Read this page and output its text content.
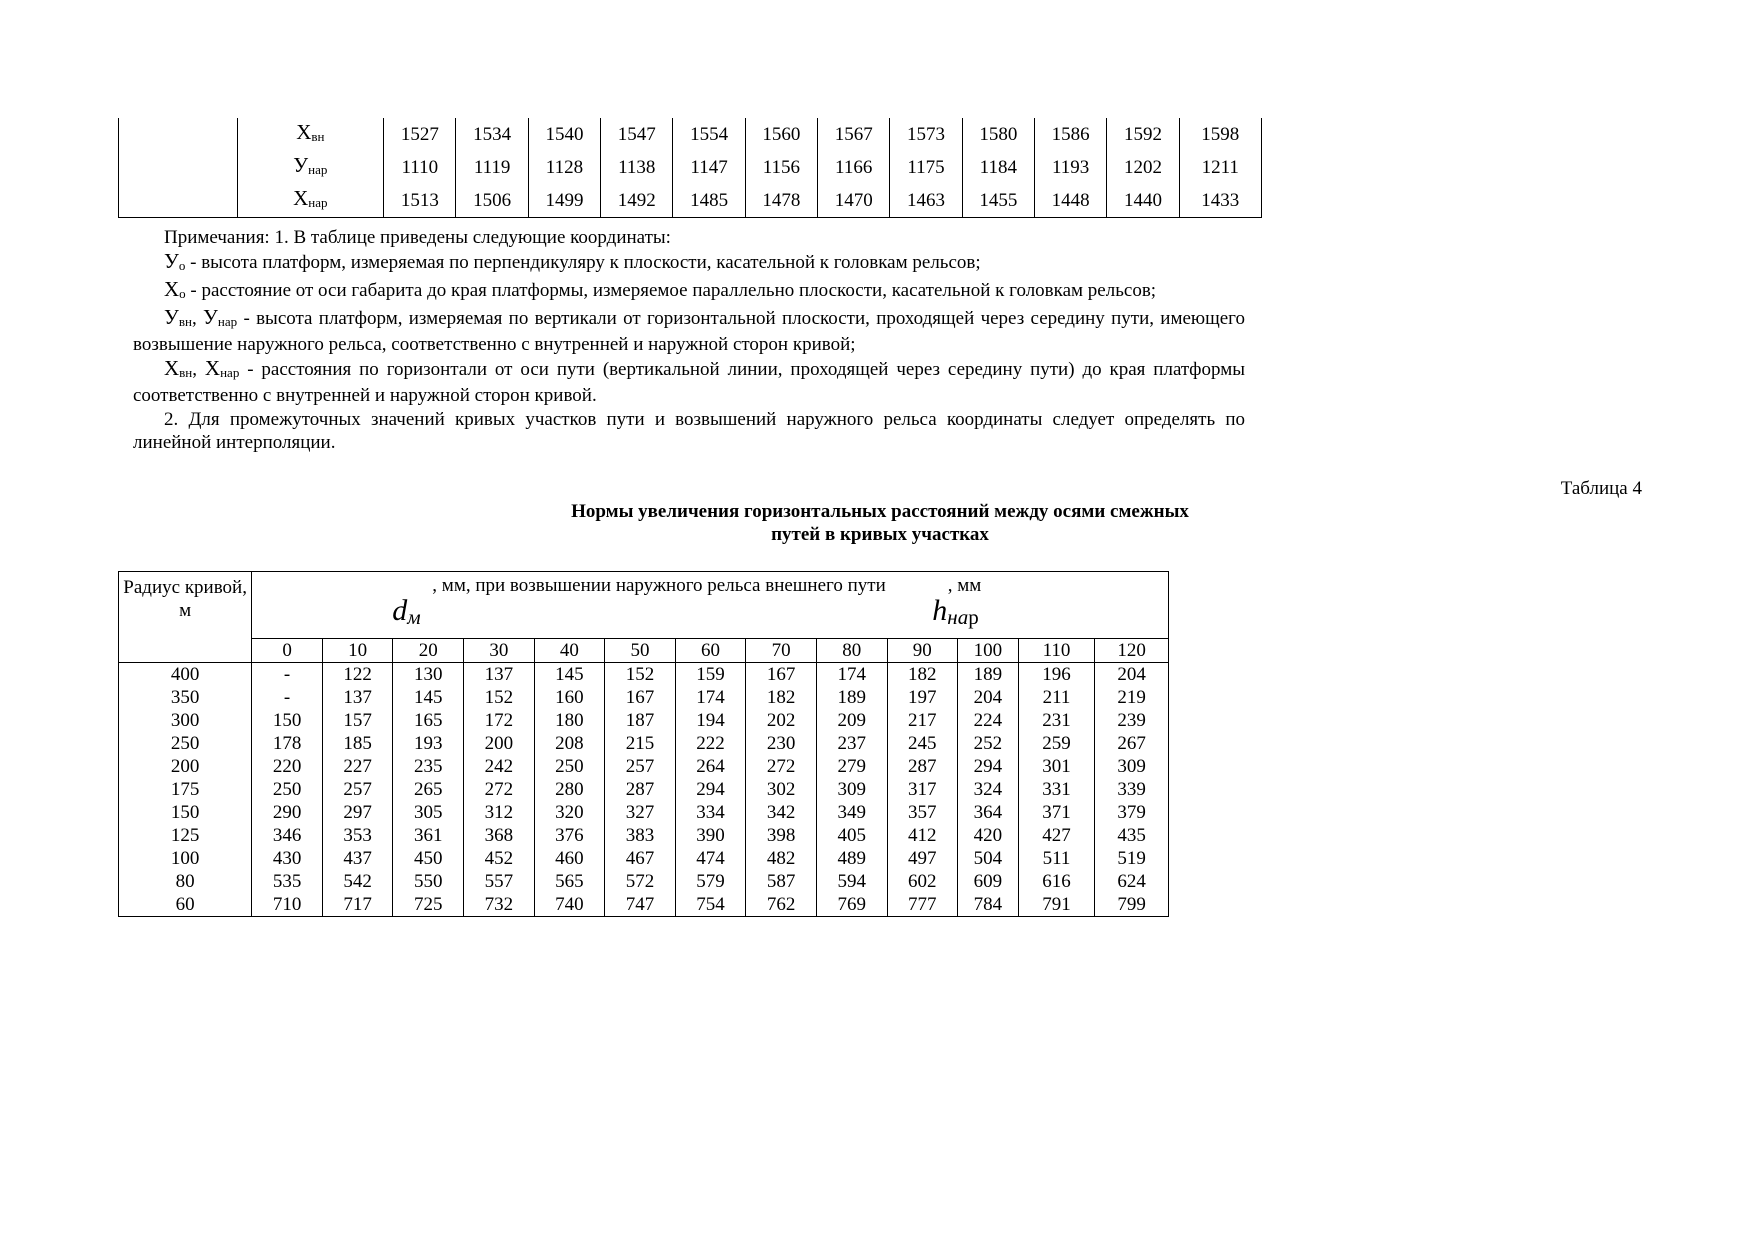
	$Х_{вн}$	1527	1534	1540	1547	1554	1560	1567	1573	1580	1586	1592	1598
	$У_{нар}$	1110	1119	1128	1138	1147	1156	1166	1175	1184	1193	1202	1211
	$Х_{нар}$	1513	1506	1499	1492	1485	1478	1470	1463	1455	1448	1440	1433

Примечания: 1. В таблице приведены следующие координаты:

$У_о$ - высота платформ, измеряемая по перпендикуляру к плоскости, касательной к головкам рельсов;

$Х_о$ - расстояние от оси габарита до края платформы, измеряемое параллельно плоскости, касательной к головкам рельсов;

$У_{вн}$, $У_{нар}$ - высота платформ, измеряемая по вертикали от горизонтальной плоскости, проходящей через середину пути, имеющего возвышение наружного рельса, соответственно с внутренней и наружной сторон кривой;

$Х_{вн}$, $Х_{нар}$ - расстояния по горизонтали от оси пути (вертикальной линии, проходящей через середину пути) до края платформы соответственно с внутренней и наружной сторон кривой.

2. Для промежуточных значений кривых участков пути и возвышений наружного рельса координаты следует определять по линейной интерполяции.

Таблица 4
Нормы увеличения горизонтальных расстояний между осями смежных
путей в кривых участках
Радиус кривой, м	$d_м$
, мм, при возвышении наружного рельса внешнего пути , мм
$h_{нар}$

	0	10	20	30	40	50	60	70	80	90	100	110	120
400	-	122	130	137	145	152	159	167	174	182	189	196	204
350	-	137	145	152	160	167	174	182	189	197	204	211	219
300	150	157	165	172	180	187	194	202	209	217	224	231	239
250	178	185	193	200	208	215	222	230	237	245	252	259	267
200	220	227	235	242	250	257	264	272	279	287	294	301	309
175	250	257	265	272	280	287	294	302	309	317	324	331	339
150	290	297	305	312	320	327	334	342	349	357	364	371	379
125	346	353	361	368	376	383	390	398	405	412	420	427	435
100	430	437	450	452	460	467	474	482	489	497	504	511	519
80	535	542	550	557	565	572	579	587	594	602	609	616	624
60	710	717	725	732	740	747	754	762	769	777	784	791	799
